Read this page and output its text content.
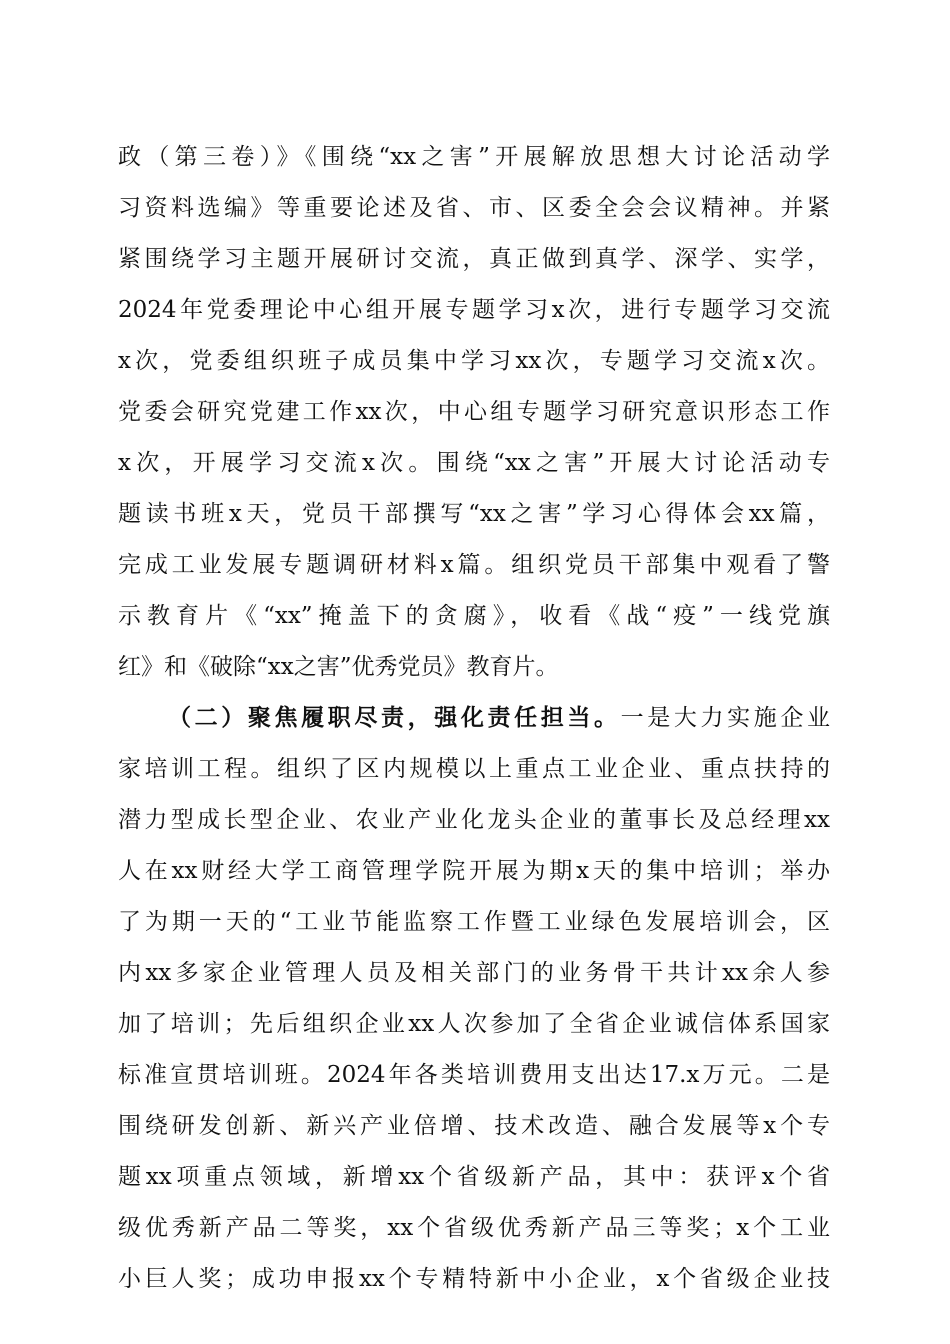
政（第三卷）》《围绕“xx之害”开展解放思想大讨论活动学
习资料选编》等重要论述及省、市、区委全会会议精神。并紧
紧围绕学习主题开展研讨交流，真正做到真学、深学、实学，
2024年党委理论中心组开展专题学习x次，进行专题学习交流
x次，党委组织班子成员集中学习xx次，专题学习交流x次。
党委会研究党建工作xx次，中心组专题学习研究意识形态工作
x次，开展学习交流x次。围绕“xx之害”开展大讨论活动专
题读书班x天，党员干部撰写“xx之害”学习心得体会xx篇，
完成工业发展专题调研材料x篇。组织党员干部集中观看了警
示教育片《“xx”掩盖下的贪腐》，收看《战“疫”一线党旗
红》和《破除“xx之害”优秀党员》教育片。
（二）聚焦履职尽责，强化责任担当。一是大力实施企业
家培训工程。组织了区内规模以上重点工业企业、重点扶持的
潜力型成长型企业、农业产业化龙头企业的董事长及总经理xx
人在xx财经大学工商管理学院开展为期x天的集中培训；举办
了为期一天的“工业节能监察工作暨工业绿色发展培训会，区
内xx多家企业管理人员及相关部门的业务骨干共计xx余人参
加了培训；先后组织企业xx人次参加了全省企业诚信体系国家
标准宣贯培训班。2024年各类培训费用支出达17.x万元。二是
围绕研发创新、新兴产业倍增、技术改造、融合发展等x个专
题xx项重点领域，新增xx个省级新产品，其中：获评x个省
级优秀新产品二等奖，xx个省级优秀新产品三等奖；x个工业
小巨人奖；成功申报xx个专精特新中小企业，x个省级企业技
